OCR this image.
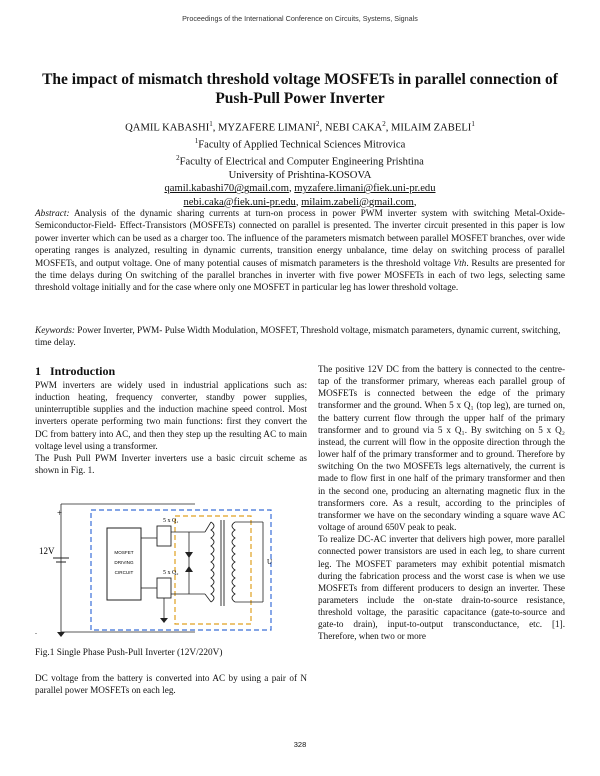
Proceedings of the International Conference on Circuits, Systems, Signals
The impact of mismatch threshold voltage MOSFETs in parallel connection of
Push-Pull Power Inverter
QAMIL KABASHI$^1$, MYZAFERE LIMANI$^2$, NEBI CAKA$^2$, MILAIM ZABELI$^1$
$^1$Faculty of Applied Technical Sciences Mitrovica
$^2$Faculty of Electrical and Computer Engineering Prishtina
University of Prishtina-KOSOVA
qamil.kabashi70@gmail.com, myzafere.limani@fiek.uni-pr.edu
nebi.caka@fiek.uni-pr.edu, milaim.zabeli@gmail.com,
Abstract: Analysis of the dynamic sharing currents at turn-on process in power PWM inverter system with switching Metal-Oxide-Semiconductor-Field- Effect-Transistors (MOSFETs) connected on parallel is presented. The inverter circuit presented in this paper is low power inverter which can be used as a charger too. The influence of the parameters mismatch between parallel MOSFET branches, over wide operating ranges is analyzed, resulting in dynamic currents, transition energy unbalance, time delay on switching process of parallel MOSFETs, and output voltage. One of many potential causes of mismatch parameters is the threshold voltage Vth. Results are presented for the time delays during On switching of the parallel branches in inverter with five power MOSFETs in each of two legs, selecting same threshold voltage initially and for the case where only one MOSFET in particular leg has lower threshold voltage.
Keywords: Power Inverter, PWM- Pulse Width Modulation, MOSFET, Threshold voltage, mismatch parameters, dynamic current, switching, time delay.
1 Introduction

PWM inverters are widely used in industrial applications such as: induction heating, frequency converter, standby power supplies, uninterruptible supplies and the induction machine speed control. Most inverters operate performing two main functions: first they convert the DC from battery into AC, and then they step up the resulting AC to main voltage level using a transformer.

The Push Pull PWM Inverter inverters use a basic circuit scheme as shown in Fig. 1.

+
12V	MOSFET
DRIVING
CIRCUIT
5 x Q₁
5 x Q₂
U
.
Fig.1 Single Phase Push-Pull Inverter (12V/220V)

DC voltage from the battery is converted into AC by using a pair of N parallel power MOSFETs on each leg.

The positive 12V DC from the battery is connected to the centre-tap of the transformer primary, whereas each parallel group of MOSFETs is connected between the edge of the primary transformer and the ground. When 5 x Q₁ (top leg), are turned on, the battery current flow through the upper half of the primary transformer and to ground via 5 x Q₁. By switching on 5 x Q₂ instead, the current will flow in the opposite direction through the lower half of the primary transformer and to ground. Therefore by switching On the two MOSFETs legs alternatively, the current is made to flow first in one half of the primary transformer and then in the second one, producing an alternating magnetic flux in the transformers core. As a result, according to the principles of transformer we have on the secondary winding a square wave AC voltage of around 650V peak to peak.

To realize DC-AC inverter that delivers high power, more parallel connected power transistors are used in each leg, to share current leg. The MOSFET parameters may exhibit potential mismatch during the fabrication process and the worst case is when we use MOSFETs from different producers to design an inverter. These parameters include the on-state drain-to-source resistance, threshold voltage, the parasitic capacitance (gate-to-source and gate-to drain), input-to-output transconductance, etc. [1]. Therefore, when two or more

328
